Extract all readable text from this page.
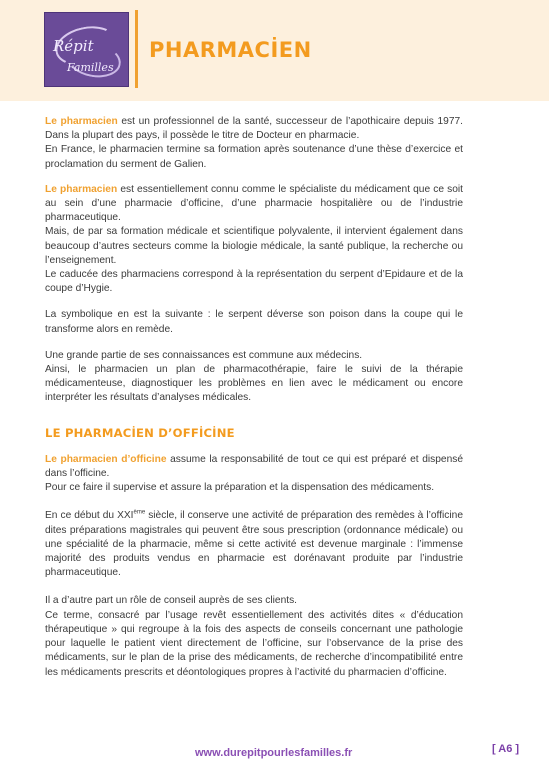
Répit
Familles
PHARMACİEN

Le pharmacien est un professionnel de la santé, successeur de l’apothicaire depuis 1977. Dans la plupart des pays, il possède le titre de Docteur en pharmacie.
En France, le pharmacien termine sa formation après soutenance d’une thèse d’exercice et proclamation du serment de Galien.

Le pharmacien est essentiellement connu comme le spécialiste du médicament que ce soit au sein d’une pharmacie d’officine, d’une pharmacie hospitalière ou de l’industrie pharmaceutique.
Mais, de par sa formation médicale et scientifique polyvalente, il intervient également dans beaucoup d’autres secteurs comme la biologie médicale, la santé publique, la recherche ou l’enseignement.
Le caducée des pharmaciens correspond à la représentation du serpent d’Epidaure et de la coupe d’Hygie.

La symbolique en est la suivante : le serpent déverse son poison dans la coupe qui le transforme alors en remède.

Une grande partie de ses connaissances est commune aux médecins.
Ainsi, le pharmacien un plan de pharmacothérapie, faire le suivi de la thérapie médicamenteuse, diagnostiquer les problèmes en lien avec le médicament ou encore interpréter les résultats d’analyses médicales.

LE PHARMACİEN D’OFFİCİNE

Le pharmacien d’officine assume la responsabilité de tout ce qui est préparé et dispensé dans l’officine.
Pour ce faire il supervise et assure la préparation et la dispensation des médicaments.

En ce début du XXIème siècle, il conserve une activité de préparation des remèdes à l’officine dites préparations magistrales qui peuvent être sous prescription (ordonnance médicale) ou une spécialité de la pharmacie, même si cette activité est devenue marginale : l’immense majorité des produits vendus en pharmacie est dorénavant produite par l’industrie pharmaceutique.

Il a d’autre part un rôle de conseil auprès de ses clients.
Ce terme, consacré par l’usage revêt essentiellement des activités dites « d’éducation thérapeutique » qui regroupe à la fois des aspects de conseils concernant une pathologie pour laquelle le patient vient directement de l’officine, sur l’observance de la prise des médicaments, sur le plan de la prise des médicaments, de recherche d’incompatibilité entre les médicaments prescrits et déontologiques propres à l’activité du pharmacien d’officine.

www.durepitpourlesfamilles.fr	[ A6 ]
